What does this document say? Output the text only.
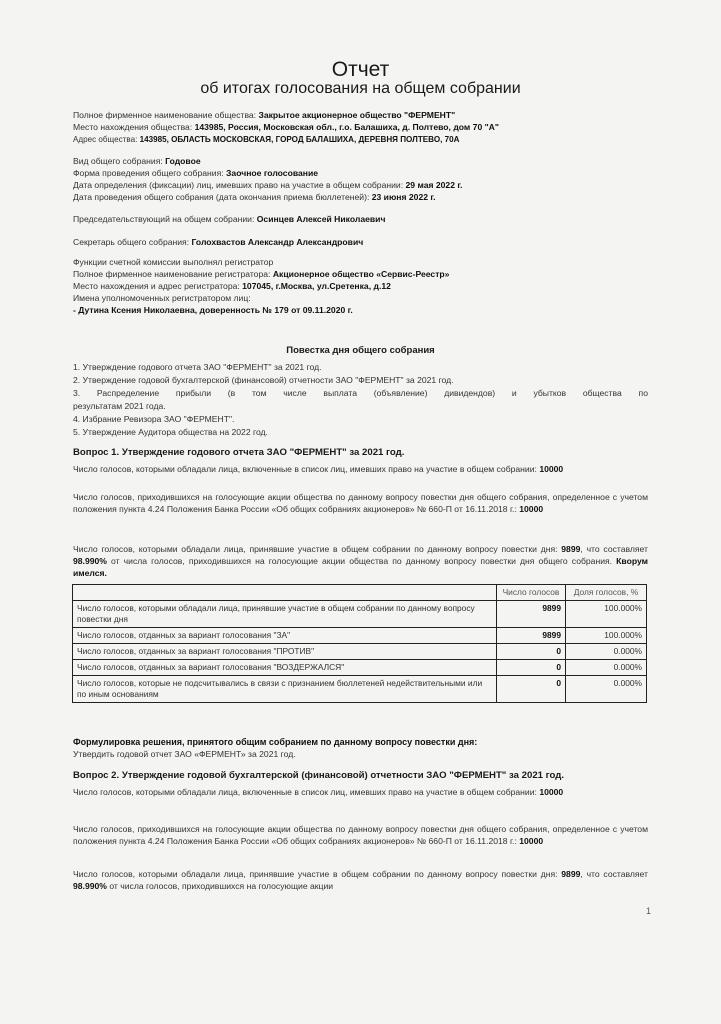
Отчет
об итогах голосования на общем собрании
Полное фирменное наименование общества: Закрытое акционерное общество "ФЕРМЕНТ"
Место нахождения общества: 143985, Россия, Московская обл., г.о. Балашиха, д. Полтево, дом 70 "А"
Адрес общества: 143985, ОБЛАСТЬ МОСКОВСКАЯ, ГОРОД БАЛАШИХА, ДЕРЕВНЯ ПОЛТЕВО, 70А
Вид общего собрания: Годовое
Форма проведения общего собрания: Заочное голосование
Дата определения (фиксации) лиц, имевших право на участие в общем собрании: 29 мая 2022 г.
Дата проведения общего собрания (дата окончания приема бюллетеней): 23 июня 2022 г.
Председательствующий на общем собрании: Осинцев Алексей Николаевич
Секретарь общего собрания: Голохвастов Александр Александрович
Функции счетной комиссии выполнял регистратор
Полное фирменное наименование регистратора: Акционерное общество «Сервис-Реестр»
Место нахождения и адрес регистратора: 107045, г.Москва, ул.Сретенка, д.12
Имена уполномоченных регистратором лиц:
- Дутина Ксения Николаевна, доверенность № 179 от 09.11.2020 г.
Повестка дня общего собрания
1. Утверждение годового отчета ЗАО "ФЕРМЕНТ" за 2021 год.
2. Утверждение годовой бухгалтерской (финансовой) отчетности ЗАО "ФЕРМЕНТ" за 2021 год.
3. Распределение прибыли (в том числе выплата (объявление) дивидендов) и убытков общества по
результатам 2021 года.
4. Избрание Ревизора ЗАО "ФЕРМЕНТ".
5. Утверждение Аудитора общества на 2022 год.
Вопрос 1. Утверждение годового отчета ЗАО "ФЕРМЕНТ" за 2021 год.
Число голосов, которыми обладали лица, включенные в список лиц, имевших право на участие в общем собрании: 10000
Число голосов, приходившихся на голосующие акции общества по данному вопросу повестки дня общего собрания, определенное с учетом положения пункта 4.24 Положения Банка России «Об общих собраниях акционеров» № 660-П от 16.11.2018 г.: 10000
Число голосов, которыми обладали лица, принявшие участие в общем собрании по данному вопросу повестки дня: 9899, что составляет 98.990% от числа голосов, приходившихся на голосующие акции общества по данному вопросу повестки дня общего собрания. Кворум имелся.
	Число голосов	Доля голосов, %
Число голосов, которыми обладали лица, принявшие участие в общем собрании по данному вопросу повестки дня	9899	100.000%
Число голосов, отданных за вариант голосования "ЗА"	9899	100.000%
Число голосов, отданных за вариант голосования "ПРОТИВ"	0	0.000%
Число голосов, отданных за вариант голосования "ВОЗДЕРЖАЛСЯ"	0	0.000%
Число голосов, которые не подсчитывались в связи с признанием бюллетеней недействительными или по иным основаниям	0	0.000%
Формулировка решения, принятого общим собранием по данному вопросу повестки дня:
Утвердить годовой отчет ЗАО «ФЕРМЕНТ» за 2021 год.
Вопрос 2. Утверждение годовой бухгалтерской (финансовой) отчетности ЗАО "ФЕРМЕНТ" за 2021 год.
Число голосов, которыми обладали лица, включенные в список лиц, имевших право на участие в общем собрании: 10000
Число голосов, приходившихся на голосующие акции общества по данному вопросу повестки дня общего собрания, определенное с учетом положения пункта 4.24 Положения Банка России «Об общих собраниях акционеров» № 660-П от 16.11.2018 г.: 10000
Число голосов, которыми обладали лица, принявшие участие в общем собрании по данному вопросу повестки дня: 9899, что составляет 98.990% от числа голосов, приходившихся на голосующие акции
1
